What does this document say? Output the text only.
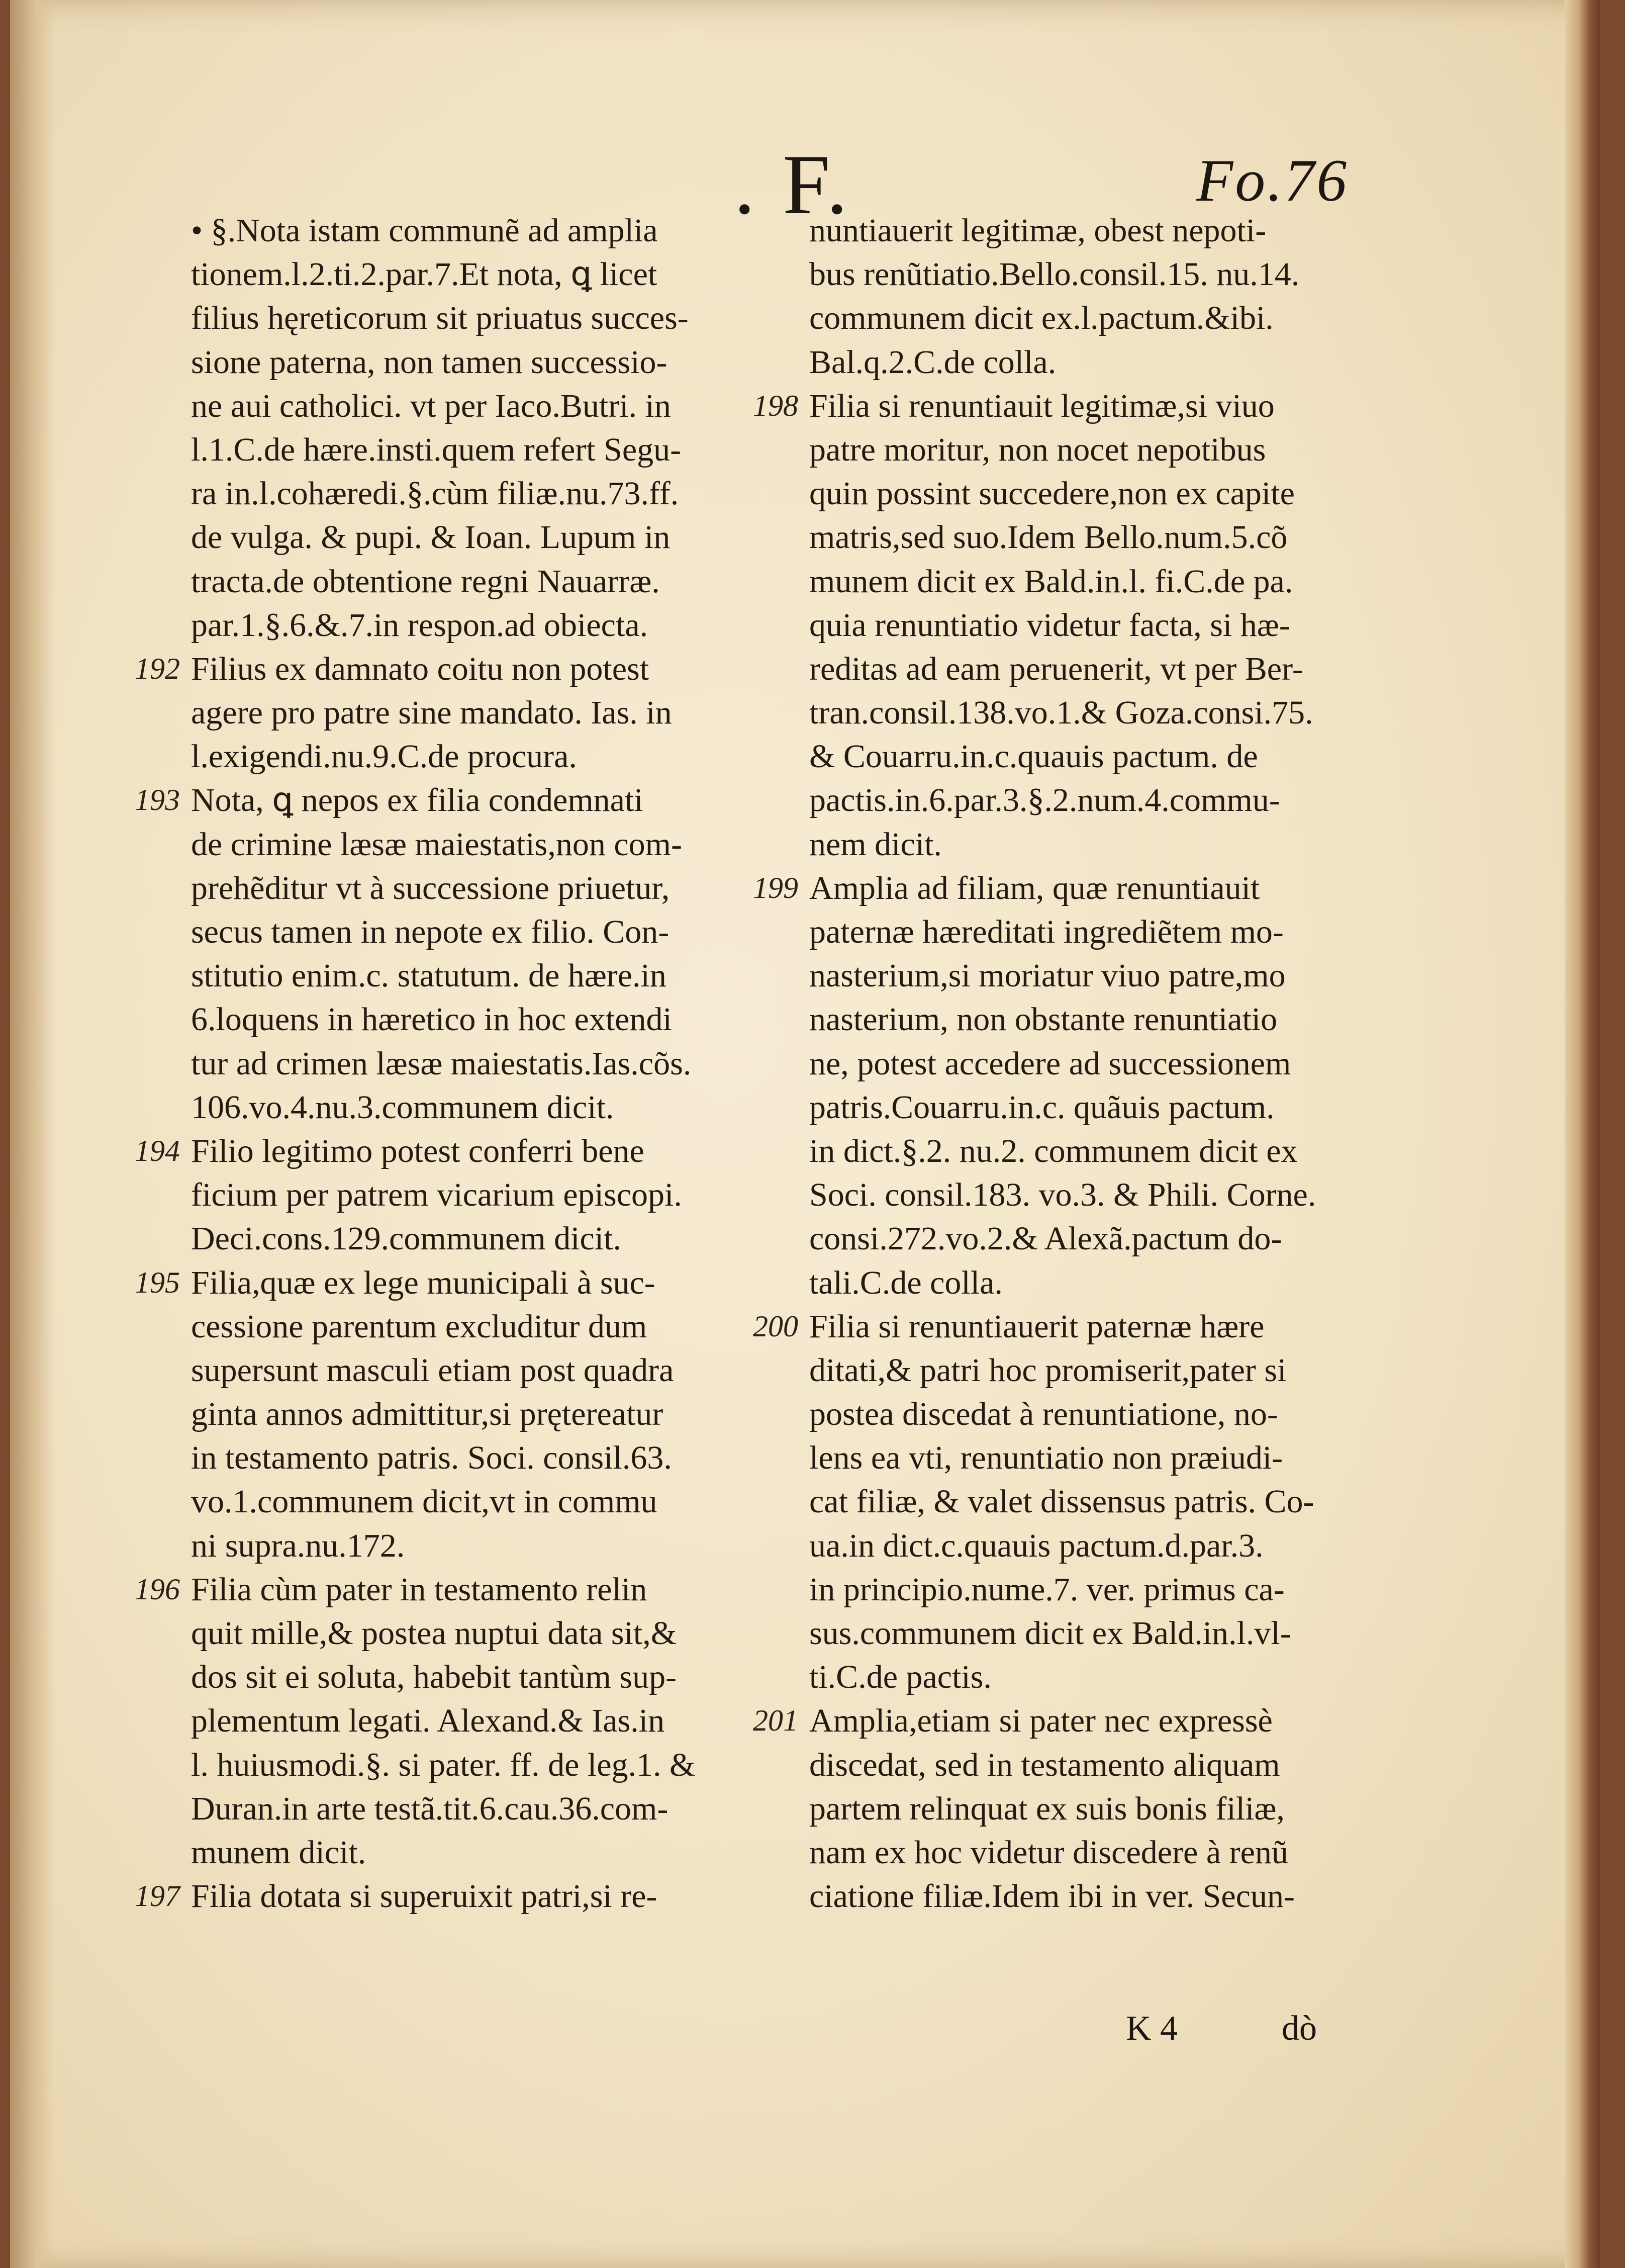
. F.	Fo.76
• §.Nota istam communẽ ad amplia
tionem.l.2.ti.2.par.7.Et nota, ꝗ licet
filius hęreticorum sit priuatus succes-
sione paterna, non tamen successio-
ne aui catholici. vt per Iaco.Butri. in
l.1.C.de hære.insti.quem refert Segu-
ra in.l.cohæredi.§.cùm filiæ.nu.73.ff.
de vulga. & pupi. & Ioan. Lupum in
tracta.de obtentione regni Nauarræ.
par.1.§.6.&.7.in respon.ad obiecta.
192 Filius ex damnato coitu non potest
agere pro patre sine mandato. Ias. in
l.exigendi.nu.9.C.de procura.
193 Nota, ꝗ nepos ex filia condemnati
de crimine læsæ maiestatis,non com-
prehẽditur vt à successione priuetur,
secus tamen in nepote ex filio. Con-
stitutio enim.c. statutum. de hære.in
6.loquens in hæretico in hoc extendi
tur ad crimen læsæ maiestatis.Ias.cõs.
106.vo.4.nu.3.communem dicit.
194 Filio legitimo potest conferri bene
ficium per patrem vicarium episcopi.
Deci.cons.129.communem dicit.
195 Filia,quæ ex lege municipali à suc-
cessione parentum excluditur dum
supersunt masculi etiam post quadra
ginta annos admittitur,si prętereatur
in testamento patris. Soci. consil.63.
vo.1.communem dicit,vt in commu
ni supra.nu.172.
196 Filia cùm pater in testamento relin
quit mille,& postea nuptui data sit,&
dos sit ei soluta, habebit tantùm sup-
plementum legati. Alexand.& Ias.in
l. huiusmodi.§. si pater. ff. de leg.1. &
Duran.in arte testã.tit.6.cau.36.com-
munem dicit.
197 Filia dotata si superuixit patri,si re-
nuntiauerit legitimæ, obest nepoti-
bus renũtiatio.Bello.consil.15. nu.14.
communem dicit ex.l.pactum.&ibi.
Bal.q.2.C.de colla.
198 Filia si renuntiauit legitimæ,si viuo
patre moritur, non nocet nepotibus
quin possint succedere,non ex capite
matris,sed suo.Idem Bello.num.5.cõ
munem dicit ex Bald.in.l. fi.C.de pa.
quia renuntiatio videtur facta, si hæ-
reditas ad eam peruenerit, vt per Ber-
tran.consil.138.vo.1.& Goza.consi.75.
& Couarru.in.c.quauis pactum. de
pactis.in.6.par.3.§.2.num.4.commu-
nem dicit.
199 Amplia ad filiam, quæ renuntiauit
paternæ hæreditati ingrediẽtem mo-
nasterium,si moriatur viuo patre,mo
nasterium, non obstante renuntiatio
ne, potest accedere ad successionem
patris.Couarru.in.c. quãuis pactum.
in dict.§.2. nu.2. communem dicit ex
Soci. consil.183. vo.3. & Phili. Corne.
consi.272.vo.2.& Alexã.pactum do-
tali.C.de colla.
200 Filia si renuntiauerit paternæ hære
ditati,& patri hoc promiserit,pater si
postea discedat à renuntiatione, no-
lens ea vti, renuntiatio non præiudi-
cat filiæ, & valet dissensus patris. Co-
ua.in dict.c.quauis pactum.d.par.3.
in principio.nume.7. ver. primus ca-
sus.communem dicit ex Bald.in.l.vl-
ti.C.de pactis.
201 Amplia,etiam si pater nec expressè
discedat, sed in testamento aliquam
partem relinquat ex suis bonis filiæ,
nam ex hoc videtur discedere à renũ
ciatione filiæ.Idem ibi in ver. Secun-
K 4	dò
